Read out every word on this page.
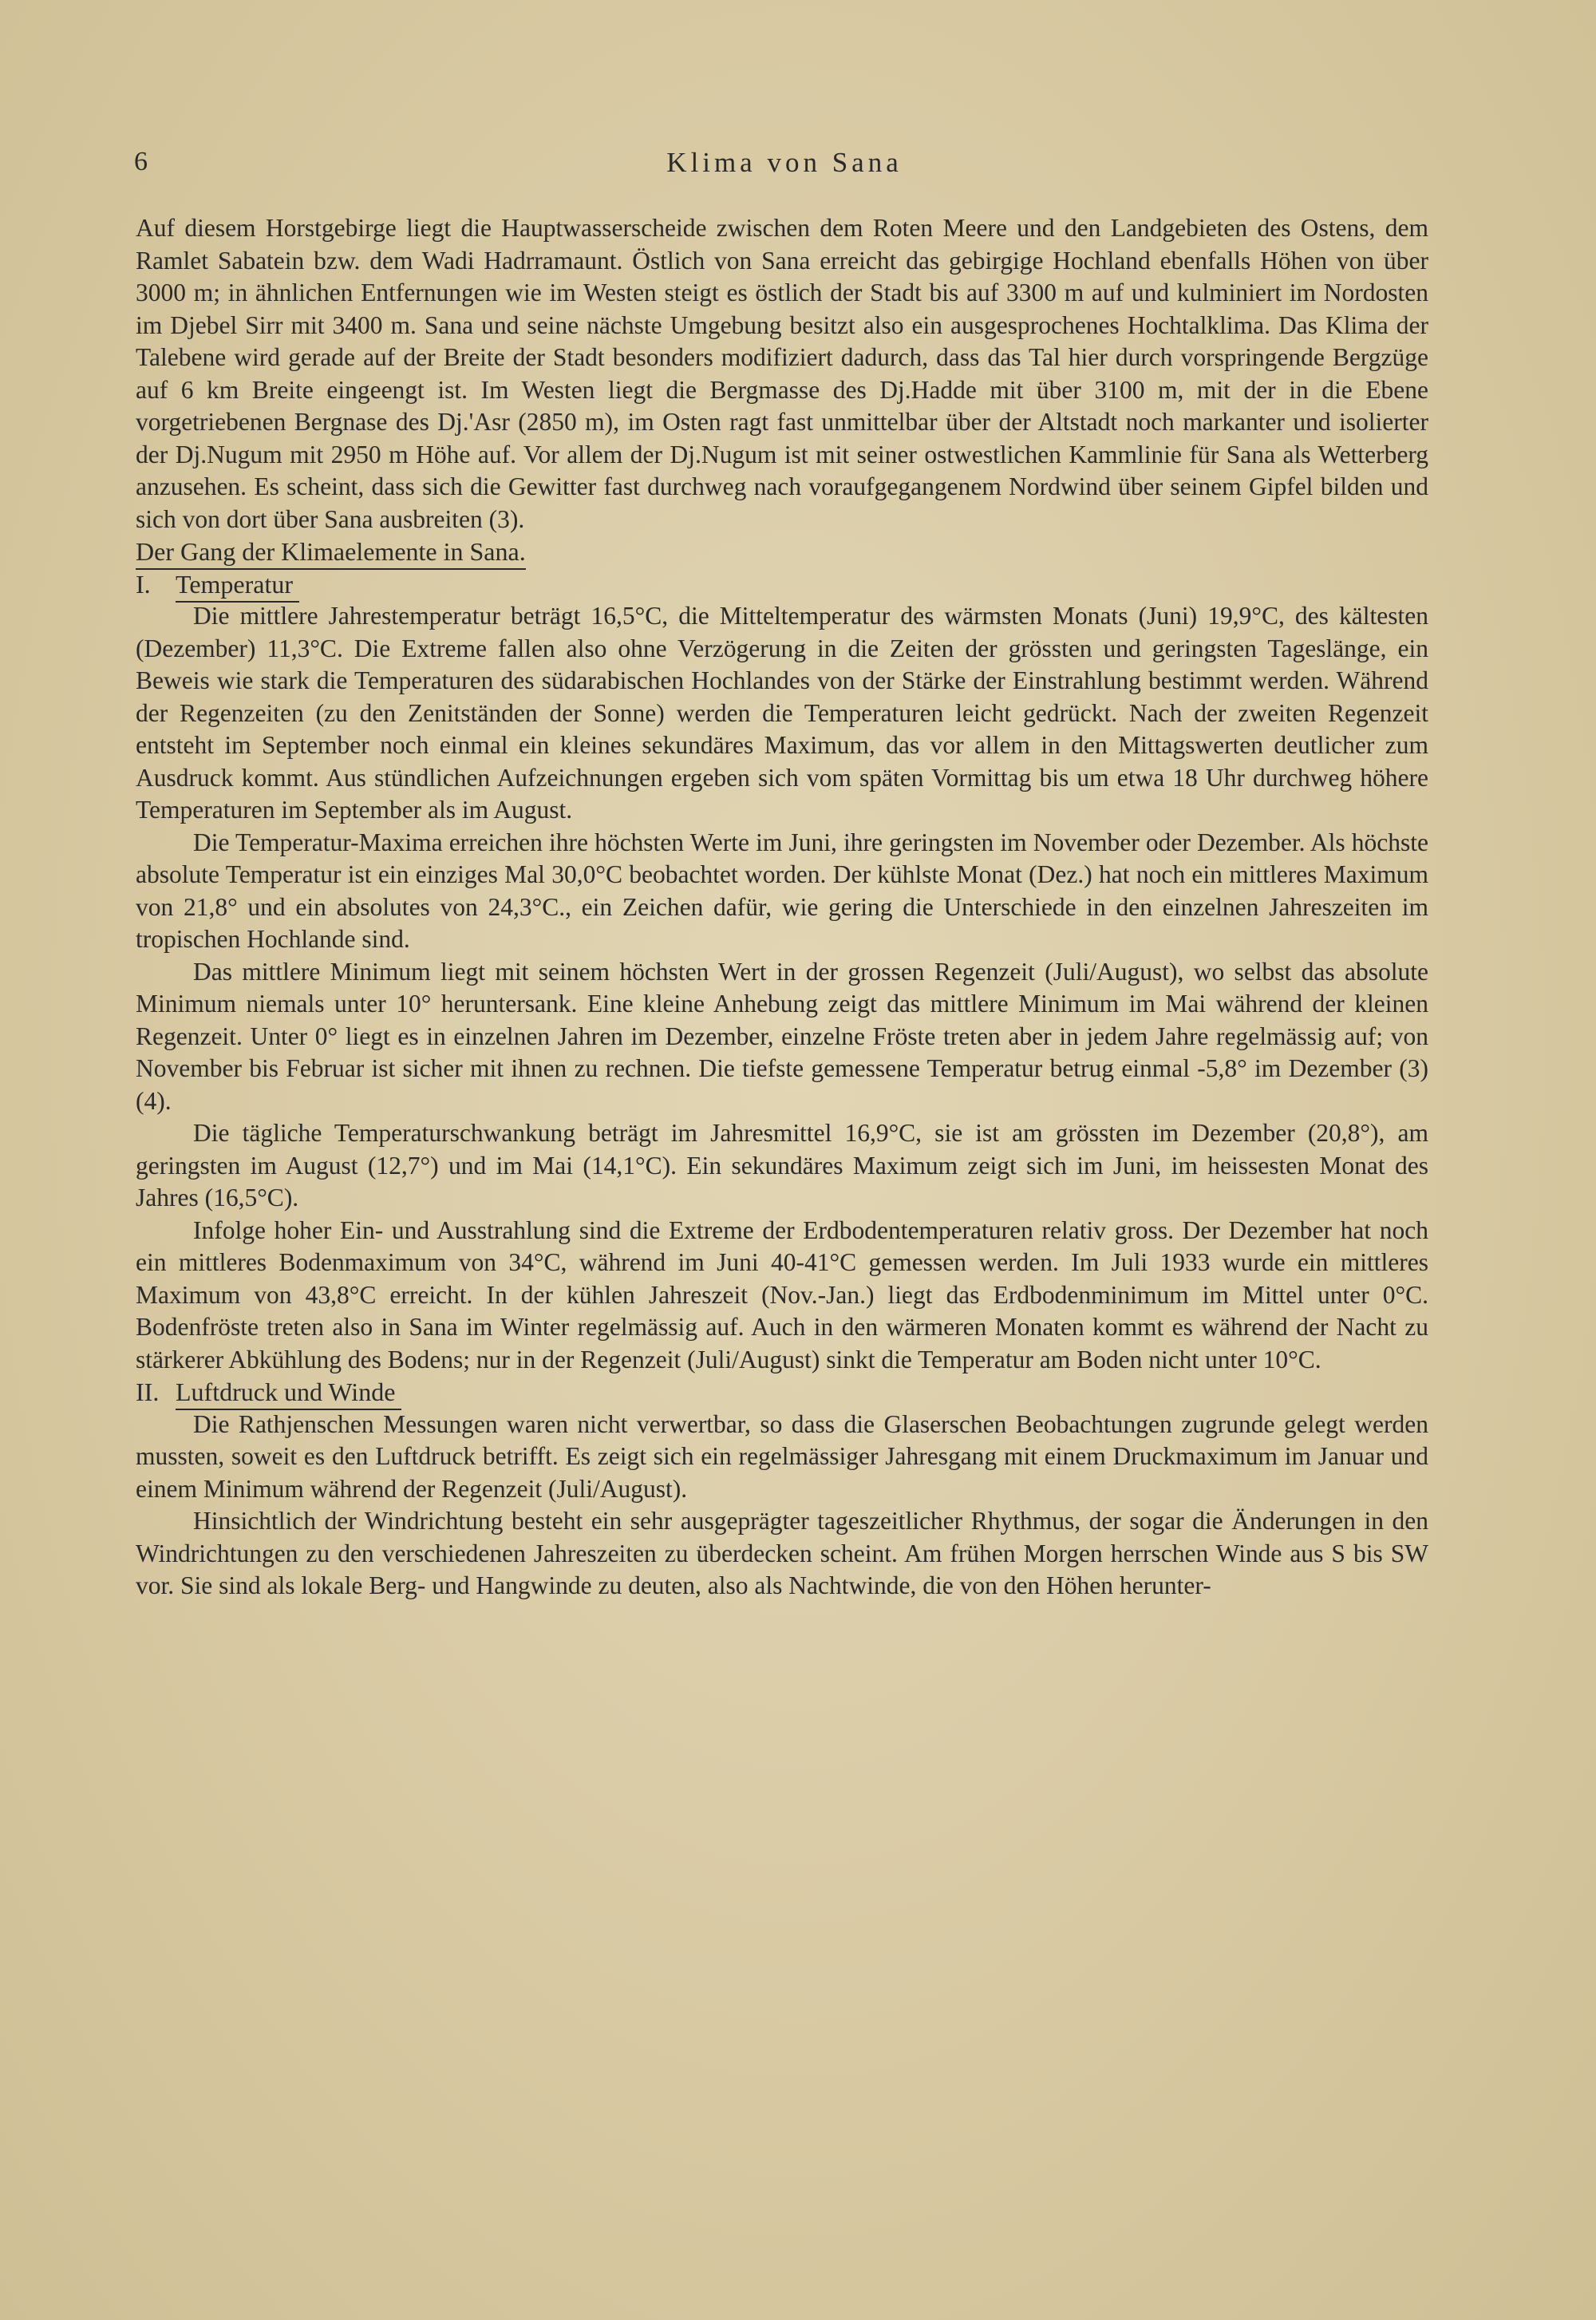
6	Klima von Sana

Auf diesem Horstgebirge liegt die Hauptwasserscheide zwischen dem Roten Meere und den Landgebieten des Ostens, dem Ramlet Sabatein bzw. dem Wadi Hadrramaunt. Östlich von Sana erreicht das gebirgige Hochland ebenfalls Höhen von über 3000 m; in ähnlichen Entfernungen wie im Westen steigt es östlich der Stadt bis auf 3300 m auf und kulminiert im Nordosten im Djebel Sirr mit 3400 m. Sana und seine nächste Umgebung besitzt also ein ausgesprochenes Hochtalklima. Das Klima der Talebene wird gerade auf der Breite der Stadt besonders modifiziert dadurch, dass das Tal hier durch vorspringende Bergzüge auf 6 km Breite eingeengt ist. Im Westen liegt die Bergmasse des Dj.Hadde mit über 3100 m, mit der in die Ebene vorgetriebenen Bergnase des Dj.'Asr (2850 m), im Osten ragt fast unmittelbar über der Altstadt noch markanter und isolierter der Dj.Nugum mit 2950 m Höhe auf. Vor allem der Dj.Nugum ist mit seiner ostwestlichen Kammlinie für Sana als Wetterberg anzusehen. Es scheint, dass sich die Gewitter fast durchweg nach voraufgegangenem Nordwind über seinem Gipfel bilden und sich von dort über Sana ausbreiten (3).

Der Gang der Klimaelemente in Sana.

I. Temperatur

Die mittlere Jahrestemperatur beträgt 16,5°C, die Mitteltemperatur des wärmsten Monats (Juni) 19,9°C, des kältesten (Dezember) 11,3°C. Die Extreme fallen also ohne Verzögerung in die Zeiten der grössten und geringsten Tageslänge, ein Beweis wie stark die Temperaturen des südarabischen Hochlandes von der Stärke der Einstrahlung bestimmt werden. Während der Regenzeiten (zu den Zenitständen der Sonne) werden die Temperaturen leicht gedrückt. Nach der zweiten Regenzeit entsteht im September noch einmal ein kleines sekundäres Maximum, das vor allem in den Mittagswerten deutlicher zum Ausdruck kommt. Aus stündlichen Aufzeichnungen ergeben sich vom späten Vormittag bis um etwa 18 Uhr durchweg höhere Temperaturen im September als im August.

Die Temperatur-Maxima erreichen ihre höchsten Werte im Juni, ihre geringsten im November oder Dezember. Als höchste absolute Temperatur ist ein einziges Mal 30,0°C beobachtet worden. Der kühlste Monat (Dez.) hat noch ein mittleres Maximum von 21,8° und ein absolutes von 24,3°C., ein Zeichen dafür, wie gering die Unterschiede in den einzelnen Jahreszeiten im tropischen Hochlande sind.

Das mittlere Minimum liegt mit seinem höchsten Wert in der grossen Regenzeit (Juli/August), wo selbst das absolute Minimum niemals unter 10° heruntersank. Eine kleine Anhebung zeigt das mittlere Minimum im Mai während der kleinen Regenzeit. Unter 0° liegt es in einzelnen Jahren im Dezember, einzelne Fröste treten aber in jedem Jahre regelmässig auf; von November bis Februar ist sicher mit ihnen zu rechnen. Die tiefste gemessene Temperatur betrug einmal -5,8° im Dezember (3) (4).

Die tägliche Temperaturschwankung beträgt im Jahresmittel 16,9°C, sie ist am grössten im Dezember (20,8°), am geringsten im August (12,7°) und im Mai (14,1°C). Ein sekundäres Maximum zeigt sich im Juni, im heissesten Monat des Jahres (16,5°C).

Infolge hoher Ein- und Ausstrahlung sind die Extreme der Erdbodentemperaturen relativ gross. Der Dezember hat noch ein mittleres Bodenmaximum von 34°C, während im Juni 40-41°C gemessen werden. Im Juli 1933 wurde ein mittleres Maximum von 43,8°C erreicht. In der kühlen Jahreszeit (Nov.-Jan.) liegt das Erdbodenminimum im Mittel unter 0°C. Bodenfröste treten also in Sana im Winter regelmässig auf. Auch in den wärmeren Monaten kommt es während der Nacht zu stärkerer Abkühlung des Bodens; nur in der Regenzeit (Juli/August) sinkt die Temperatur am Boden nicht unter 10°C.

II. Luftdruck und Winde

Die Rathjenschen Messungen waren nicht verwertbar, so dass die Glaserschen Beobachtungen zugrunde gelegt werden mussten, soweit es den Luftdruck betrifft. Es zeigt sich ein regelmässiger Jahresgang mit einem Druckmaximum im Januar und einem Minimum während der Regenzeit (Juli/August).

Hinsichtlich der Windrichtung besteht ein sehr ausgeprägter tageszeitlicher Rhythmus, der sogar die Änderungen in den Windrichtungen zu den verschiedenen Jahreszeiten zu überdecken scheint. Am frühen Morgen herrschen Winde aus S bis SW vor. Sie sind als lokale Berg- und Hangwinde zu deuten, also als Nachtwinde, die von den Höhen herunter-
